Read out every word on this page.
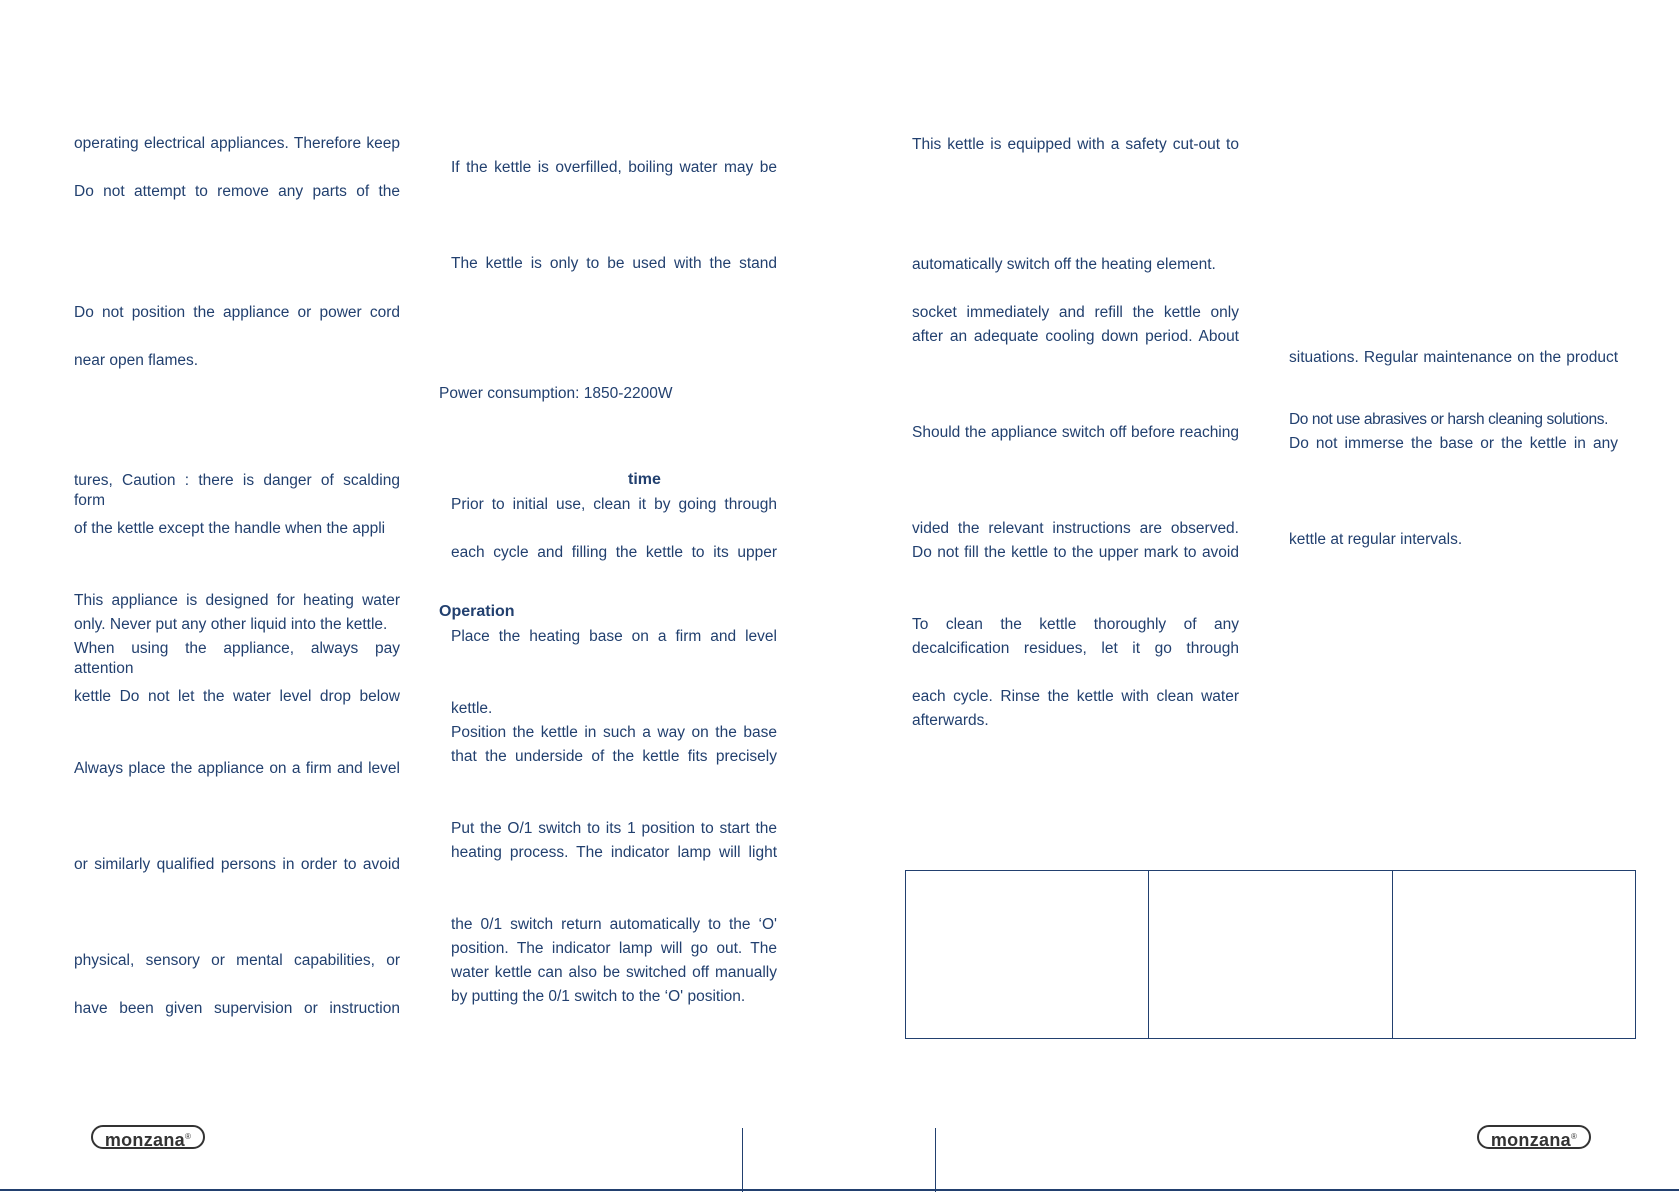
operating electrical appliances. Therefore keep
Do not attempt to remove any parts of the
Do not position the appliance or power cord
near open flames.
tures, Caution : there is danger of scalding form
of the kettle except the handle when the appli
This appliance is designed for heating water
only. Never put any other liquid into the kettle.
When using the appliance, always pay attention
kettle Do not let the water level drop below
Always place the appliance on a firm and level
or similarly qualified persons in order to avoid
physical, sensory or mental capabilities, or
have been given supervision or instruction
If the kettle is overfilled, boiling water may be
The kettle is only to be used with the stand
Power consumption: 1850-2200W
time
Prior to initial use, clean it by going through
each cycle and filling the kettle to its upper
Operation
Place the heating base on a firm and level
kettle.
Position the kettle in such a way on the base
that the underside of the kettle fits precisely
Put the O/1 switch to its 1 position to start the
heating process. The indicator lamp will light
the 0/1 switch return automatically to the ‘O'
position. The indicator lamp will go out. The
water kettle can also be switched off manually
by putting the 0/1 switch to the ‘O' position.
This kettle is equipped with a safety cut-out to
automatically switch off the heating element.
socket immediately and refill the kettle only
after an adequate cooling down period. About
Should the appliance switch off before reaching
vided the relevant instructions are observed.
Do not fill the kettle to the upper mark to avoid
To clean the kettle thoroughly of any
decalcification residues, let it go through
each cycle. Rinse the kettle with clean water
afterwards.
situations. Regular maintenance on the product
Do not use abrasives or harsh cleaning solutions.
Do not immerse the base or the kettle in any
kettle at regular intervals.
monzana®	monzana®
